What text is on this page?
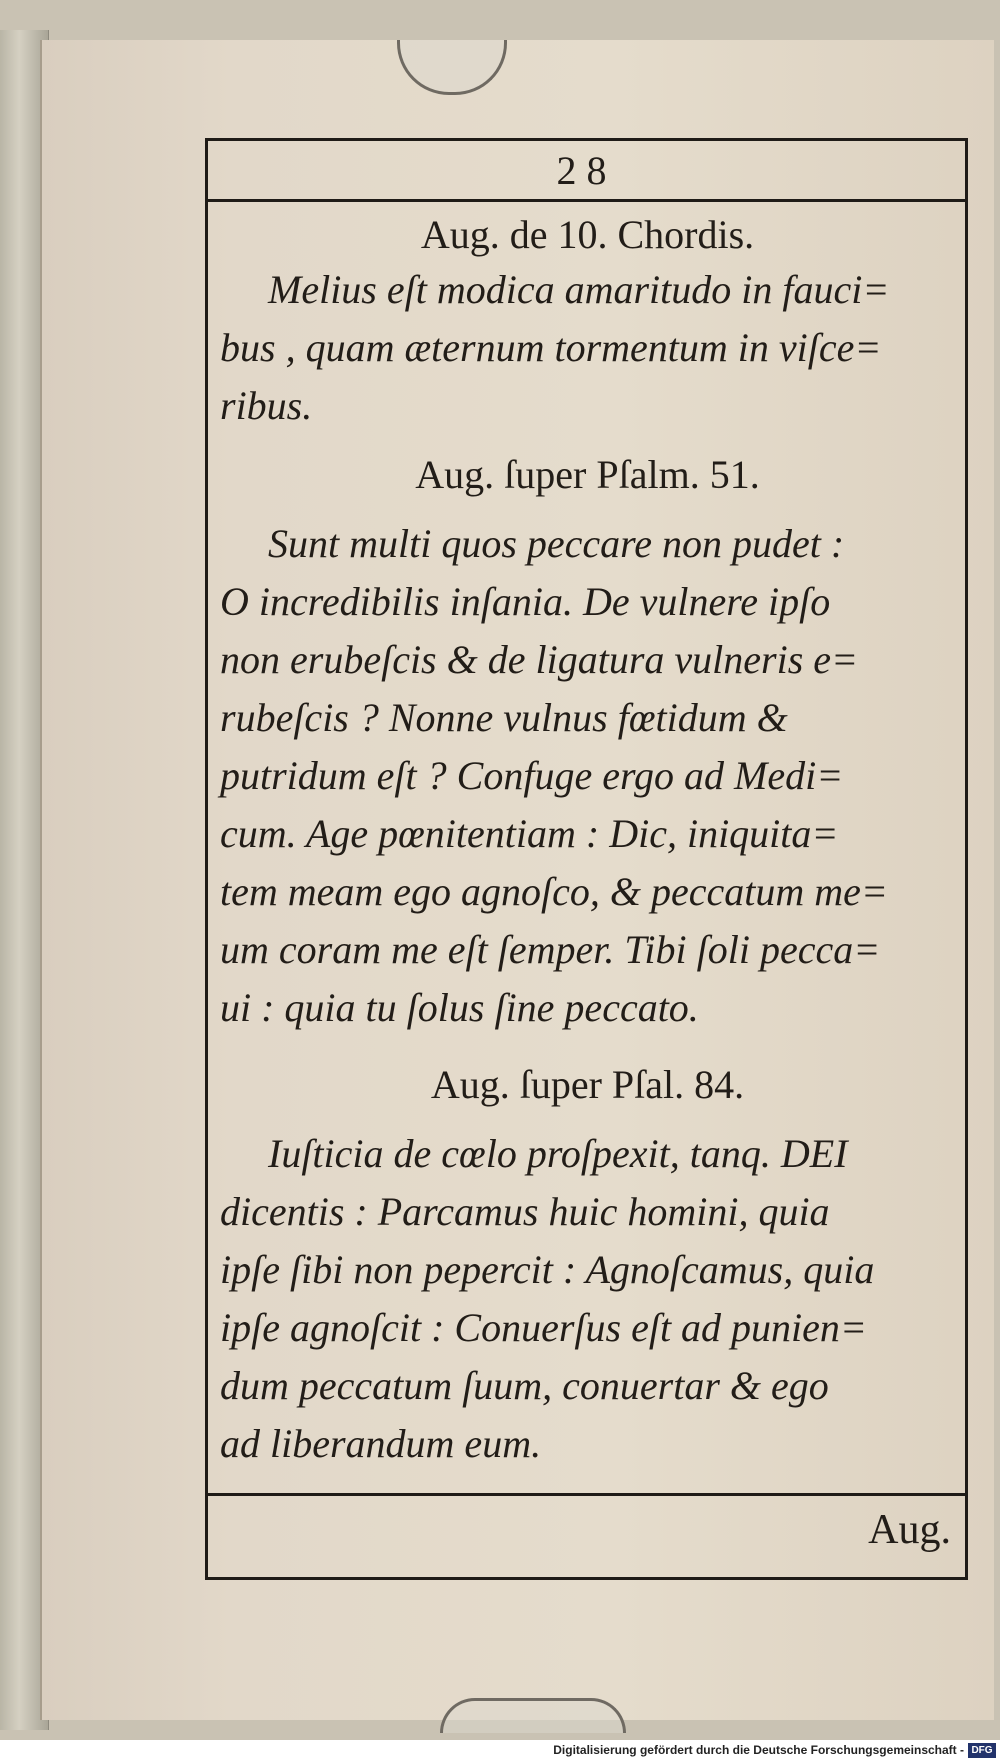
28
Aug. de 10. Chordis.

Melius eſt modica amaritudo in fauci=
bus , quam æternum tormentum in viſce=
ribus.

Aug. ſuper Pſalm. 51.

Sunt multi quos peccare non pudet :
O incredibilis inſania. De vulnere ipſo
non erubeſcis & de ligatura vulneris e=
rubeſcis ? Nonne vulnus fœtidum &
putridum eſt ? Confuge ergo ad Medi=
cum. Age pœnitentiam : Dic, iniquita=
tem meam ego agnoſco, & peccatum me=
um coram me eſt ſemper. Tibi ſoli pecca=
ui : quia tu ſolus ſine peccato.

Aug. ſuper Pſal. 84.

Iuſticia de cœlo proſpexit, tanq. DEI
dicentis : Parcamus huic homini, quia
ipſe ſibi non pepercit : Agnoſcamus, quia
ipſe agnoſcit : Conuerſus eſt ad punien=
dum peccatum ſuum, conuertar & ego
ad liberandum eum.

Aug.
Digitalisierung gefördert durch die Deutsche Forschungsgemeinschaft - DFG
